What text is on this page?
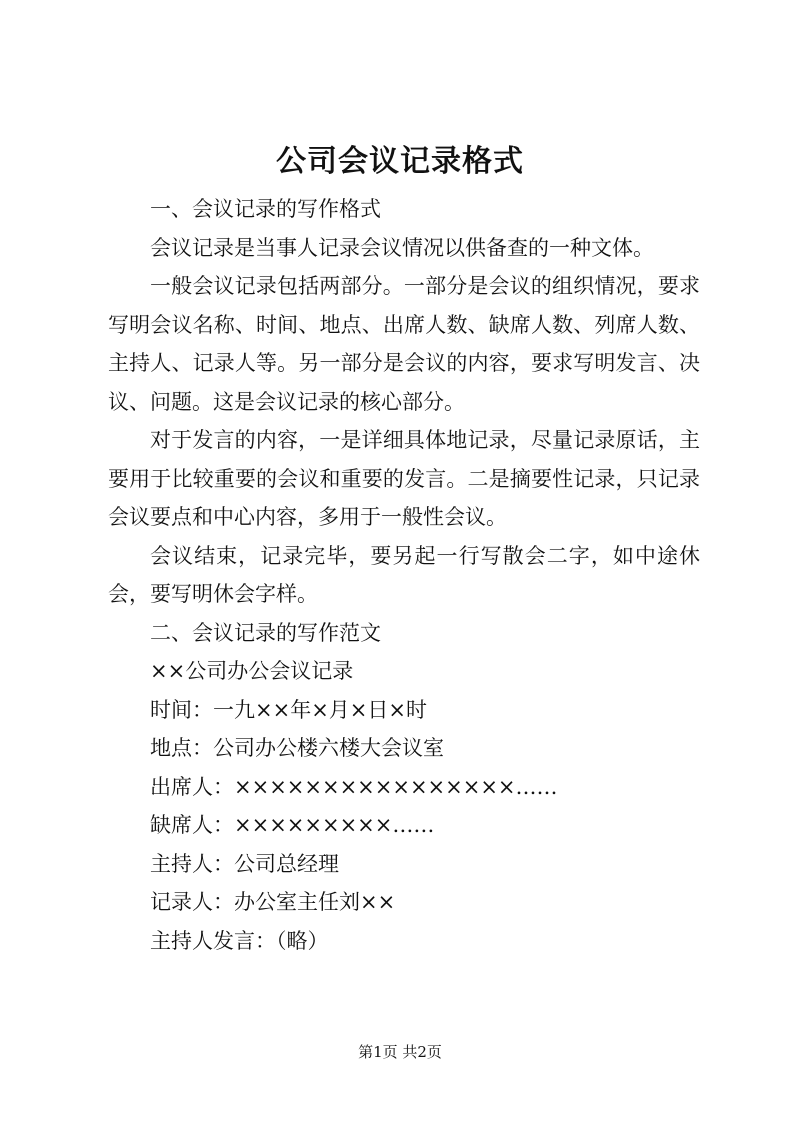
公司会议记录格式

一、会议记录的写作格式

会议记录是当事人记录会议情况以供备查的一种文体。

一般会议记录包括两部分。一部分是会议的组织情况，要求写明会议名称、时间、地点、出席人数、缺席人数、列席人数、主持人、记录人等。另一部分是会议的内容，要求写明发言、决议、问题。这是会议记录的核心部分。

对于发言的内容，一是详细具体地记录，尽量记录原话，主要用于比较重要的会议和重要的发言。二是摘要性记录，只记录会议要点和中心内容，多用于一般性会议。

会议结束，记录完毕，要另起一行写散会二字，如中途休会，要写明休会字样。

二、会议记录的写作范文

××公司办公会议记录

时间：一九××年×月×日×时

地点：公司办公楼六楼大会议室

出席人：××××××××××××××××……

缺席人：×××××××××……

主持人：公司总经理

记录人：办公室主任刘××

主持人发言：（略）

第1页 共2页
